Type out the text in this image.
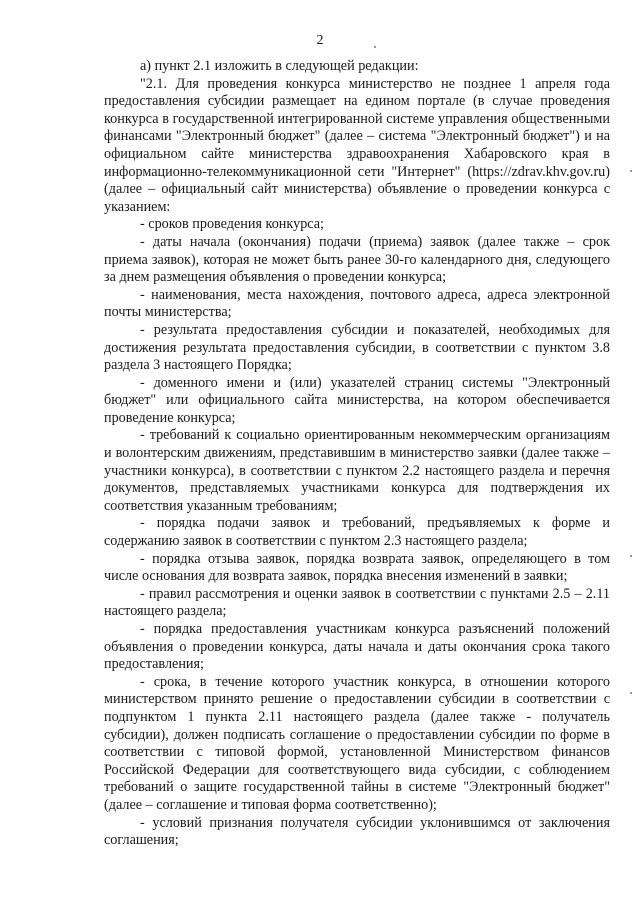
2

а) пункт 2.1 изложить в следующей редакции:

"2.1. Для проведения конкурса министерство не позднее 1 апреля года предоставления субсидии размещает на едином портале (в случае проведения конкурса в государственной интегрированной системе управления общественными финансами "Электронный бюджет" (далее – система "Электронный бюджет") и на официальном сайте министерства здравоохранения Хабаровского края в информационно-телекоммуникационной сети "Интернет" (https://zdrav.khv.gov.ru) (далее – официальный сайт министерства) объявление о проведении конкурса с указанием:

- сроков проведения конкурса;

- даты начала (окончания) подачи (приема) заявок (далее также – срок приема заявок), которая не может быть ранее 30-го календарного дня, следующего за днем размещения объявления о проведении конкурса;

- наименования, места нахождения, почтового адреса, адреса электронной почты министерства;

- результата предоставления субсидии и показателей, необходимых для достижения результата предоставления субсидии, в соответствии с пунктом 3.8 раздела 3 настоящего Порядка;

- доменного имени и (или) указателей страниц системы "Электронный бюджет" или официального сайта министерства, на котором обеспечивается проведение конкурса;

- требований к социально ориентированным некоммерческим организациям и волонтерским движениям, представившим в министерство заявки (далее также – участники конкурса), в соответствии с пунктом 2.2 настоящего раздела и перечня документов, представляемых участниками конкурса для подтверждения их соответствия указанным требованиям;

- порядка подачи заявок и требований, предъявляемых к форме и содержанию заявок в соответствии с пунктом 2.3 настоящего раздела;

- порядка отзыва заявок, порядка возврата заявок, определяющего в том числе основания для возврата заявок, порядка внесения изменений в заявки;

- правил рассмотрения и оценки заявок в соответствии с пунктами 2.5 – 2.11 настоящего раздела;

- порядка предоставления участникам конкурса разъяснений положений объявления о проведении конкурса, даты начала и даты окончания срока такого предоставления;

- срока, в течение которого участник конкурса, в отношении которого министерством принято решение о предоставлении субсидии в соответствии с подпунктом 1 пункта 2.11 настоящего раздела (далее также - получатель субсидии), должен подписать соглашение о предоставлении субсидии по форме в соответствии с типовой формой, установленной Министерством финансов Российской Федерации для соответствующего вида субсидии, с соблюдением требований о защите государственной тайны в системе "Электронный бюджет" (далее – соглашение и типовая форма соответственно);

- условий признания получателя субсидии уклонившимся от заключения соглашения;
